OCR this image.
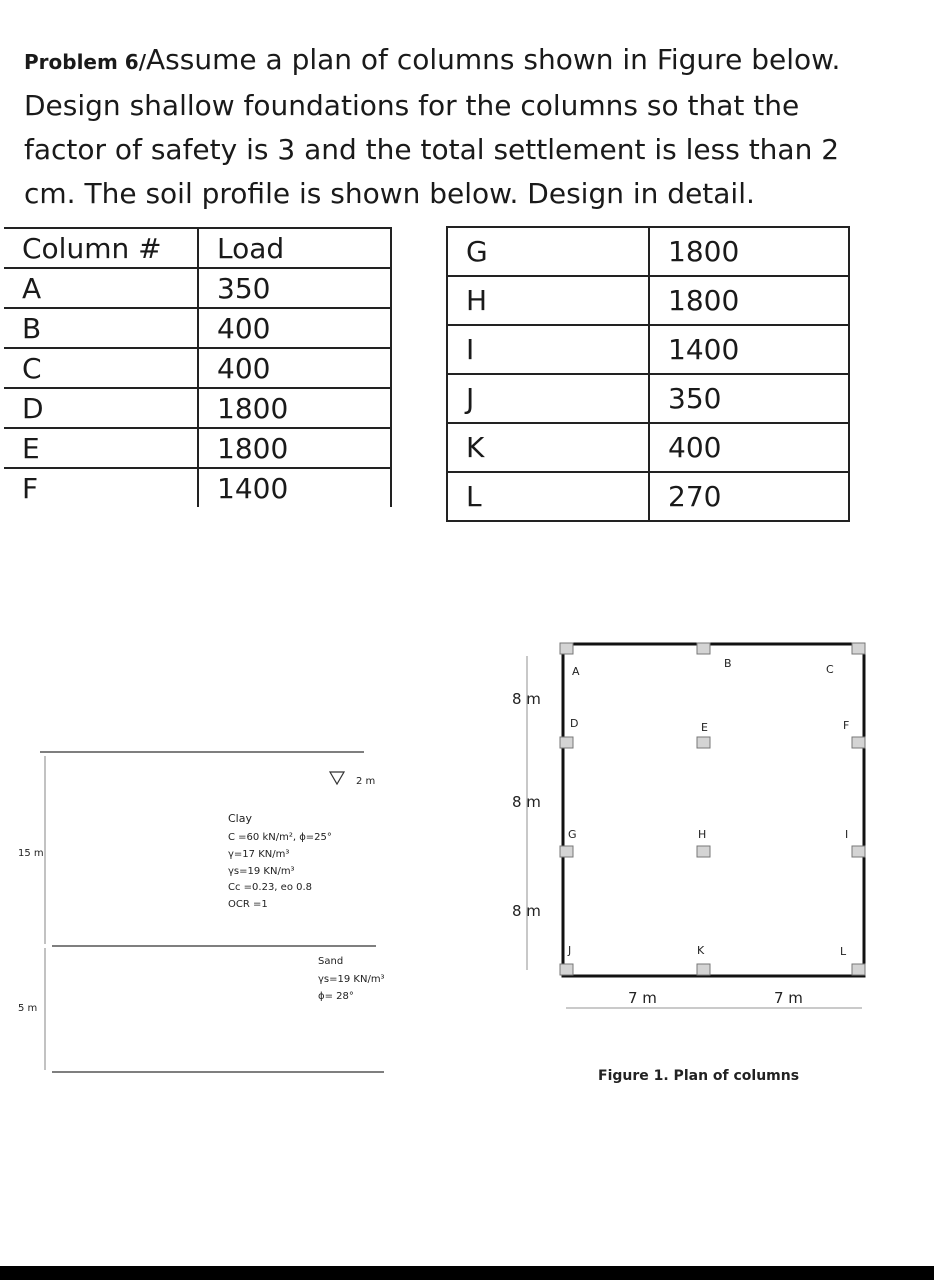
Problem 6/Assume a plan of columns shown in Figure below.
Design shallow foundations for the columns so that the
factor of safety is 3 and the total settlement is less than 2
cm. The soil profile is shown below. Design in detail.
Column #	Load
A	350
B	400
C	400
D	1800
E	1800
F	1400
G	1800
H	1800
I	1400
J	350
K	400
L	270
2 m
Clay
C =60 kN/m², ϕ=25°
γ=17 KN/m³
γs=19 KN/m³
Cc =0.23, eo 0.8
OCR =1
15 m
Sand
γs=19 KN/m³
ϕ= 28°
5 m
A
B	C
D	E	F
G	H	I
J	K	L
8 m
8 m
8 m
7 m	7 m
Figure 1. Plan of columns
